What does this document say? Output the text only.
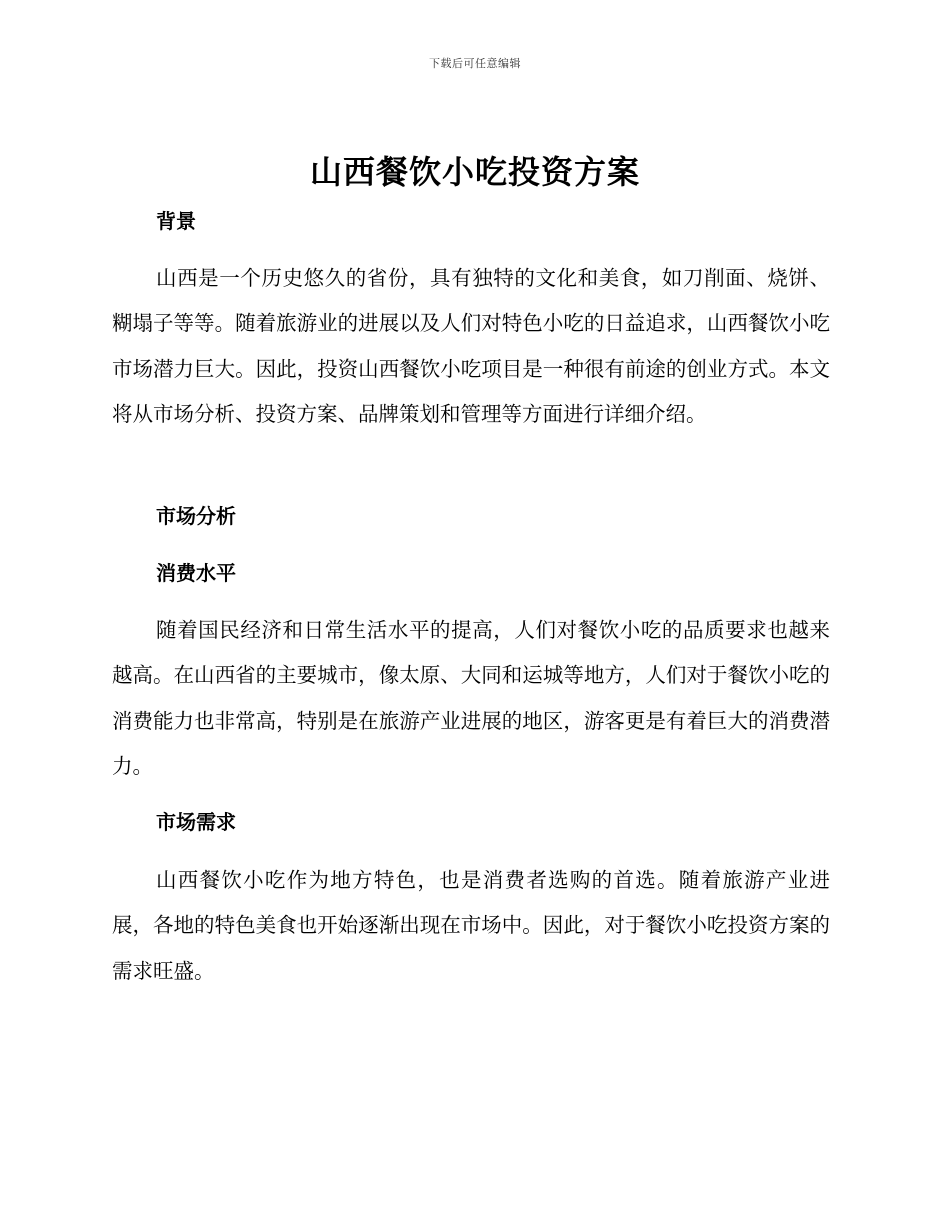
下载后可任意编辑
山西餐饮小吃投资方案
背景

山西是一个历史悠久的省份，具有独特的文化和美食，如刀削面、烧饼、糊塌子等等。随着旅游业的进展以及人们对特色小吃的日益追求，山西餐饮小吃市场潜力巨大。因此，投资山西餐饮小吃项目是一种很有前途的创业方式。本文将从市场分析、投资方案、品牌策划和管理等方面进行详细介绍。

市场分析
消费水平

随着国民经济和日常生活水平的提高，人们对餐饮小吃的品质要求也越来越高。在山西省的主要城市，像太原、大同和运城等地方，人们对于餐饮小吃的消费能力也非常高，特别是在旅游产业进展的地区，游客更是有着巨大的消费潜力。

市场需求

山西餐饮小吃作为地方特色，也是消费者选购的首选。随着旅游产业进展，各地的特色美食也开始逐渐出现在市场中。因此，对于餐饮小吃投资方案的需求旺盛。
